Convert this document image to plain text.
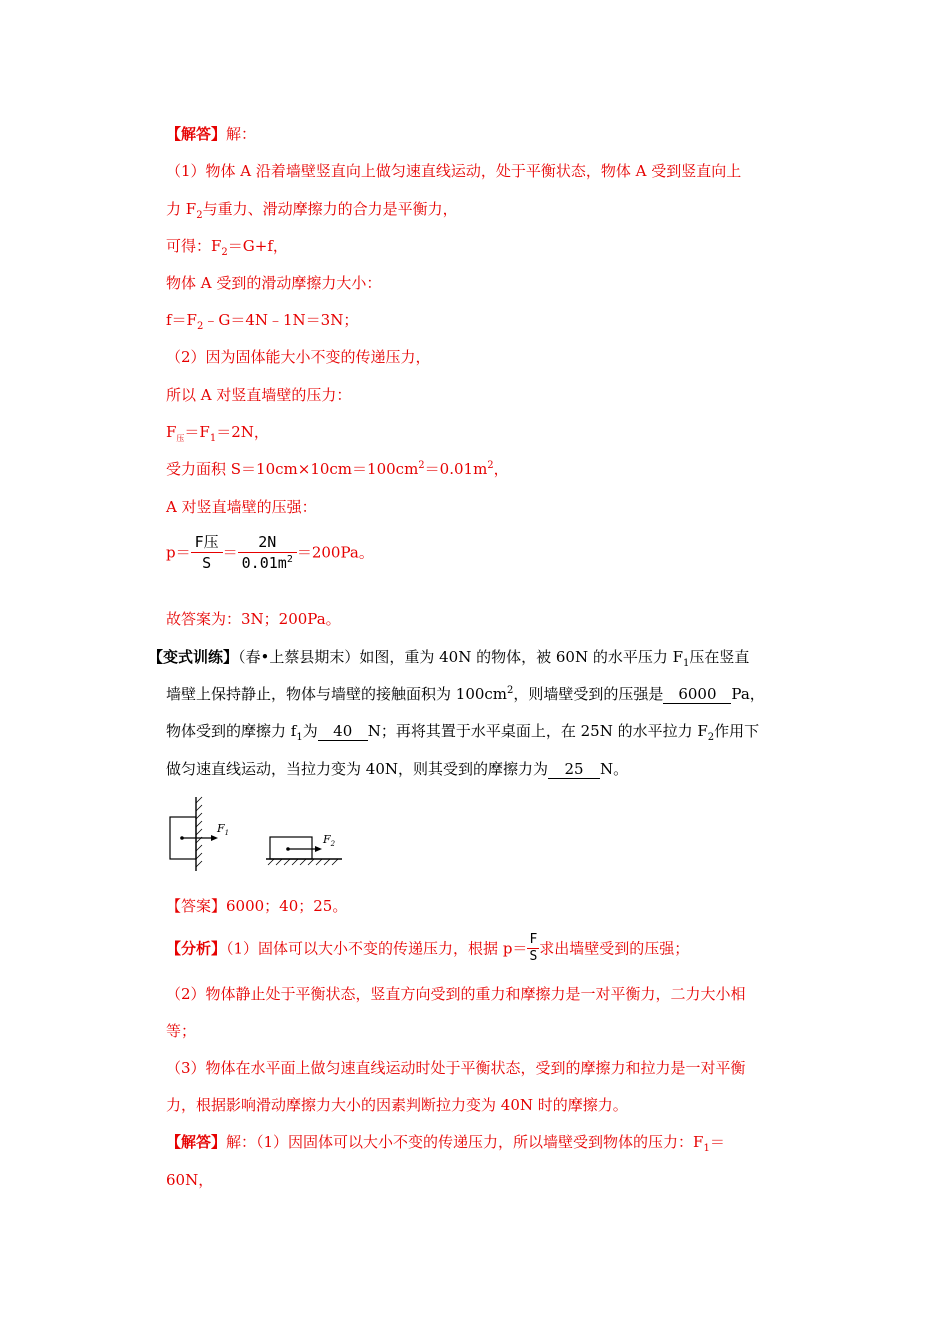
【解答】解：
（1）物体 A 沿着墙壁竖直向上做匀速直线运动，处于平衡状态，物体 A 受到竖直向上
力 $F_2$与重力、滑动摩擦力的合力是平衡力，
可得：$F_2=G+f$，
物体 A 受到的滑动摩擦力大小：
$f=F_2﹣G=4N﹣1N=3N$；
（2）因为固体能大小不变的传递压力，
所以 A 对竖直墙壁的压力：
$F_压=F_1=2N$，
受力面积 $S=10cm\times 10cm=100cm^2=0.01m^2$，
A 对竖直墙壁的压强：
$p= \frac{\text{F压}}{S} = \frac{2N}{0.01m^2} =200Pa$。
故答案为：3N；200Pa。
【变式训练】（春•上蔡县期末）如图，重为 40N 的物体，被 60N 的水平压力 $F_1$压在竖直
墙壁上保持静止，物体与墙壁的接触面积为 $100cm^2$，则墙壁受到的压强是 6000 Pa，
物体受到的摩擦力 $f_1$为 40 N；再将其置于水平桌面上，在 25N 的水平拉力 $F_2$作用下
做匀速直线运动，当拉力变为 40N，则其受到的摩擦力为 25 N。
$F_1$	$F_2$
【答案】6000；40；25。
【分析】（1）固体可以大小不变的传递压力，根据 $p= \frac{F}{S}$ 求出墙壁受到的压强；
（2）物体静止处于平衡状态，竖直方向受到的重力和摩擦力是一对平衡力，二力大小相
等；
（3）物体在水平面上做匀速直线运动时处于平衡状态，受到的摩擦力和拉力是一对平衡
力，根据影响滑动摩擦力大小的因素判断拉力变为 40N 时的摩擦力。
【解答】解：（1）因固体可以大小不变的传递压力，所以墙壁受到物体的压力：$F_1=$
60N，
